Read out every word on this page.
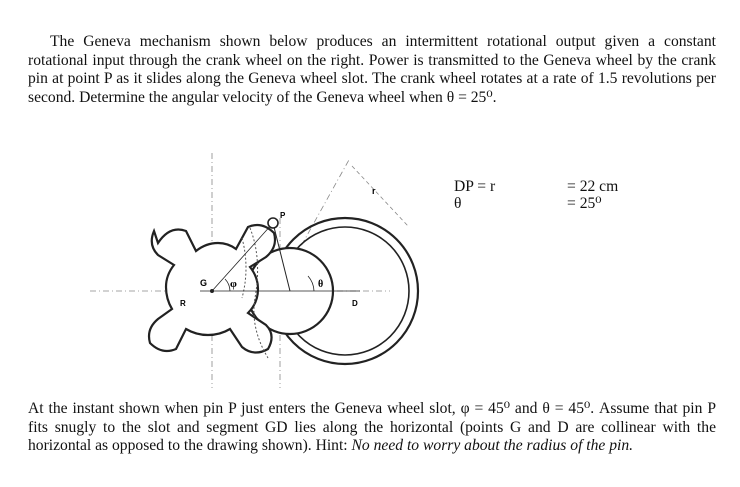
The Geneva mechanism shown below produces an intermittent rotational output given a constant rotational input through the crank wheel on the right. Power is transmitted to the Geneva wheel by the crank pin at point P as it slides along the Geneva wheel slot. The crank wheel rotates at a rate of 1.5 revolutions per second. Determine the angular velocity of the Geneva wheel when θ = 25⁰.

G φ	θ
D
R
P
r	DP = r
θ
= 22 cm
= 25⁰

At the instant shown when pin P just enters the Geneva wheel slot, φ = 45⁰ and θ = 45⁰. Assume that pin P fits snugly to the slot and segment GD lies along the horizontal (points G and D are collinear with the horizontal as opposed to the drawing shown). Hint: No need to worry about the radius of the pin.
